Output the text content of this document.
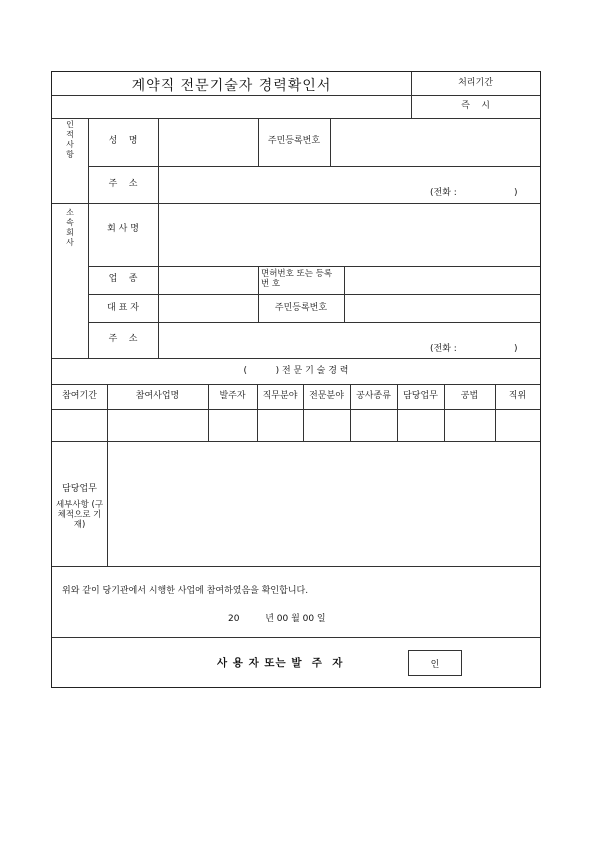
계약직 전문기술자 경력확인서	처리기간
즉    시
인적사항
성    명	주민등록번호
주    소
(전화 :                    )
소속회사
회 사 명
업    종	면허번호 또는 등록 번 호
대 표 자	주민등록번호
주    소
(전화 :                    )
(          ) 전 문 기 술 경 력
참여기간	참여사업명	발주자	직무분야	전문분야	공사종류	담당업무	공법	직위
담당업무
세부사항 (구체적으로 기재)
위와 같이 당기관에서 시행한 사업에 참여하였음을 확인합니다.
20         년 00 월 00 일
사 용 자 또는 발  주  자	인
